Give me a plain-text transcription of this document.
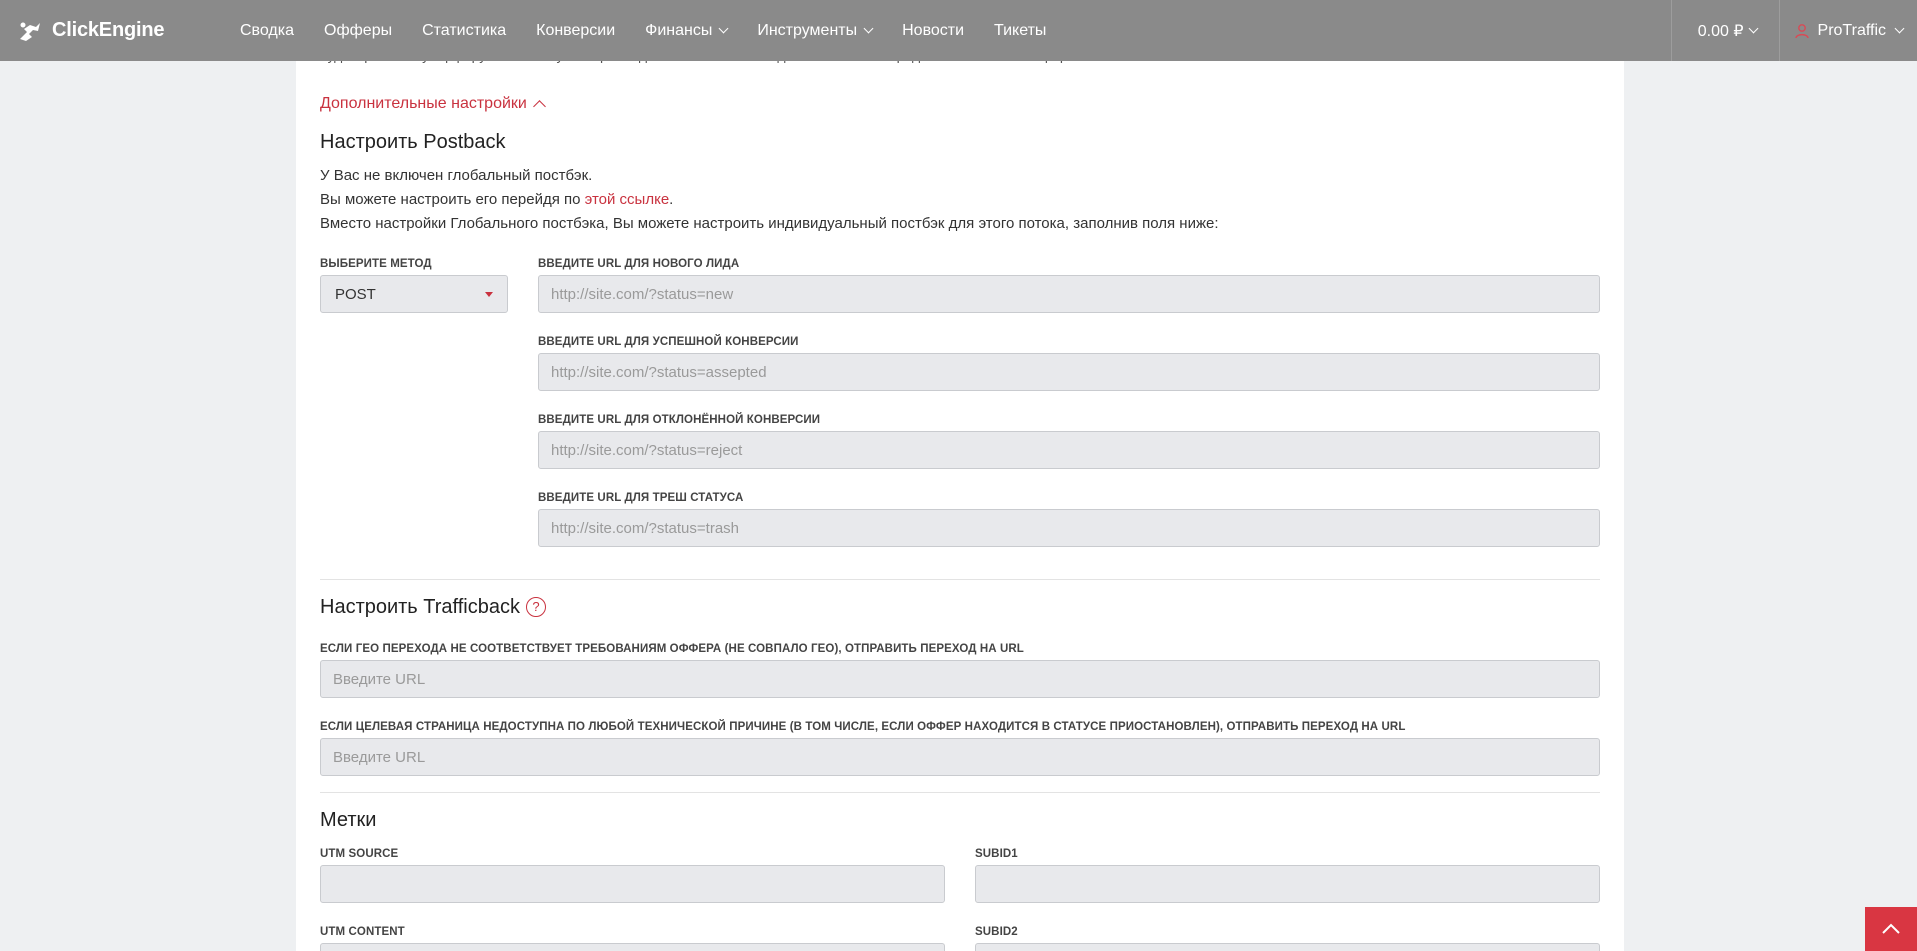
ClickEngine	Сводка Офферы Статистика Конверсии Финансы	Инструменты	Новости Тикеты	0.00 ₽	ProTraffic
Дополнительные настройки
Настроить Postback
У Вас не включен глобальный постбэк.
Вы можете настроить его перейдя по этой ссылке.
Вместо настройки Глобального постбэка, Вы можете настроить индивидуальный постбэк для этого потока, заполнив поля ниже:
ВЫБЕРИТЕ МЕТОД
POST
ВВЕДИТЕ URL ДЛЯ НОВОГО ЛИДА
http://site.com/?status=new
ВВЕДИТЕ URL ДЛЯ УСПЕШНОЙ КОНВЕРСИИ
http://site.com/?status=assepted
ВВЕДИТЕ URL ДЛЯ ОТКЛОНЁННОЙ КОНВЕРСИИ
http://site.com/?status=reject
ВВЕДИТЕ URL ДЛЯ ТРЕШ СТАТУСА
http://site.com/?status=trash
Настроить Trafficback ?
ЕСЛИ ГЕО ПЕРЕХОДА НЕ СООТВЕТСТВУЕТ ТРЕБОВАНИЯМ ОФФЕРА (НЕ СОВПАЛО ГЕО), ОТПРАВИТЬ ПЕРЕХОД НА URL
Введите URL
ЕСЛИ ЦЕЛЕВАЯ СТРАНИЦА НЕДОСТУПНА ПО ЛЮБОЙ ТЕХНИЧЕСКОЙ ПРИЧИНЕ (В ТОМ ЧИСЛЕ, ЕСЛИ ОФФЕР НАХОДИТСЯ В СТАТУСЕ ПРИОСТАНОВЛЕН), ОТПРАВИТЬ ПЕРЕХОД НА URL
Введите URL
Метки
UTM SOURCE	SUBID1
UTM CONTENT	SUBID2
